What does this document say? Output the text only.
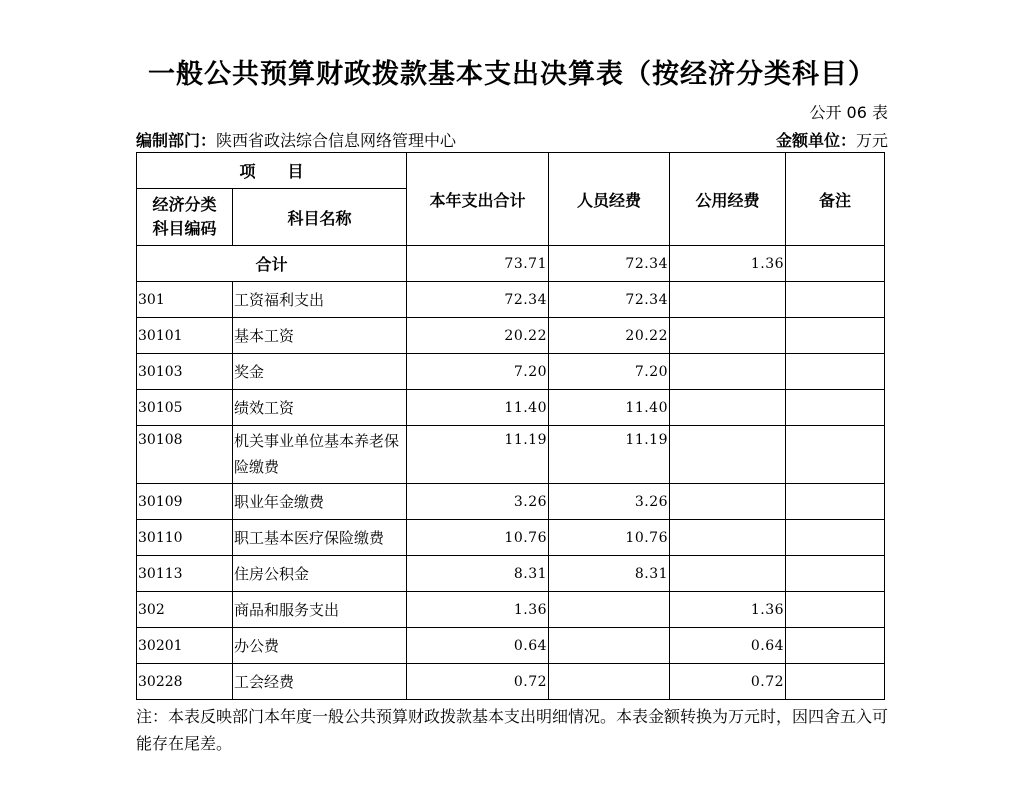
一般公共预算财政拨款基本支出决算表（按经济分类科目）
公开 06 表
编制部门：陕西省政法综合信息网络管理中心	金额单位：万元
项　　目		本年支出合计	人员经费	公用经费	备注
经济分类科目编码	科目名称				
合计		73.71	72.34	1.36	
301	工资福利支出	72.34	72.34		
30101	基本工资	20.22	20.22		
30103	奖金	7.20	7.20		
30105	绩效工资	11.40	11.40		
30108	机关事业单位基本养老保险缴费	11.19	11.19		
30109	职业年金缴费	3.26	3.26		
30110	职工基本医疗保险缴费	10.76	10.76		
30113	住房公积金	8.31	8.31		
302	商品和服务支出	1.36		1.36	
30201	办公费	0.64		0.64	
30228	工会经费	0.72		0.72	
注：本表反映部门本年度一般公共预算财政拨款基本支出明细情况。本表金额转换为万元时，因四舍五入可能存在尾差。
